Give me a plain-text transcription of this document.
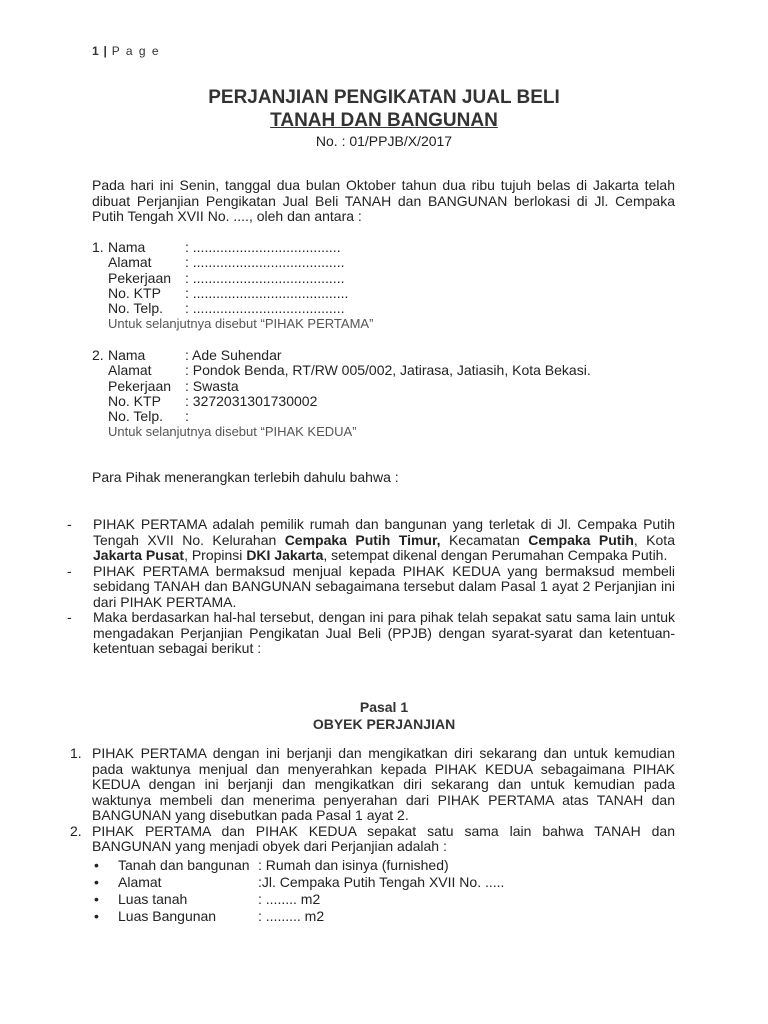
1 | P a g e
PERJANJIAN PENGIKATAN JUAL BELI
TANAH DAN BANGUNAN
No. : 01/PPJB/X/2017
Pada hari ini Senin, tanggal dua bulan Oktober tahun dua ribu tujuh belas di Jakarta telah dibuat Perjanjian Pengikatan Jual Beli TANAH dan BANGUNAN berlokasi di Jl. Cempaka Putih Tengah XVII No. ...., oleh dan antara :
1. Nama	: ......................................
Alamat	: .......................................
Pekerjaan : .......................................
No. KTP	: ........................................
No. Telp.	: .......................................
Untuk selanjutnya disebut “PIHAK PERTAMA”
2. Nama	: Ade Suhendar
Alamat	: Pondok Benda, RT/RW 005/002, Jatirasa, Jatiasih, Kota Bekasi.
Pekerjaan : Swasta
No. KTP	: 3272031301730002
No. Telp.	:
Untuk selanjutnya disebut “PIHAK KEDUA”
Para Pihak menerangkan terlebih dahulu bahwa :
-	PIHAK PERTAMA adalah pemilik rumah dan bangunan yang terletak di Jl. Cempaka Putih Tengah XVII No. Kelurahan Cempaka Putih Timur, Kecamatan Cempaka Putih, Kota Jakarta Pusat, Propinsi DKI Jakarta, setempat dikenal dengan Perumahan Cempaka Putih.
-	PIHAK PERTAMA bermaksud menjual kepada PIHAK KEDUA yang bermaksud membeli sebidang TANAH dan BANGUNAN sebagaimana tersebut dalam Pasal 1 ayat 2 Perjanjian ini dari PIHAK PERTAMA.
-	Maka berdasarkan hal-hal tersebut, dengan ini para pihak telah sepakat satu sama lain untuk mengadakan Perjanjian Pengikatan Jual Beli (PPJB) dengan syarat-syarat dan ketentuan-ketentuan sebagai berikut :
Pasal 1
OBYEK PERJANJIAN
1. PIHAK PERTAMA dengan ini berjanji dan mengikatkan diri sekarang dan untuk kemudian pada waktunya menjual dan menyerahkan kepada PIHAK KEDUA sebagaimana PIHAK KEDUA dengan ini berjanji dan mengikatkan diri sekarang dan untuk kemudian pada waktunya membeli dan menerima penyerahan dari PIHAK PERTAMA atas TANAH dan BANGUNAN yang disebutkan pada Pasal 1 ayat 2.
2. PIHAK PERTAMA dan PIHAK KEDUA sepakat satu sama lain bahwa TANAH dan BANGUNAN yang menjadi obyek dari Perjanjian adalah :
•	Tanah dan bangunan : Rumah dan isinya (furnished)
•	Alamat	:Jl. Cempaka Putih Tengah XVII No. .....
•	Luas tanah	: ........ m2
•	Luas Bangunan	: ......... m2
